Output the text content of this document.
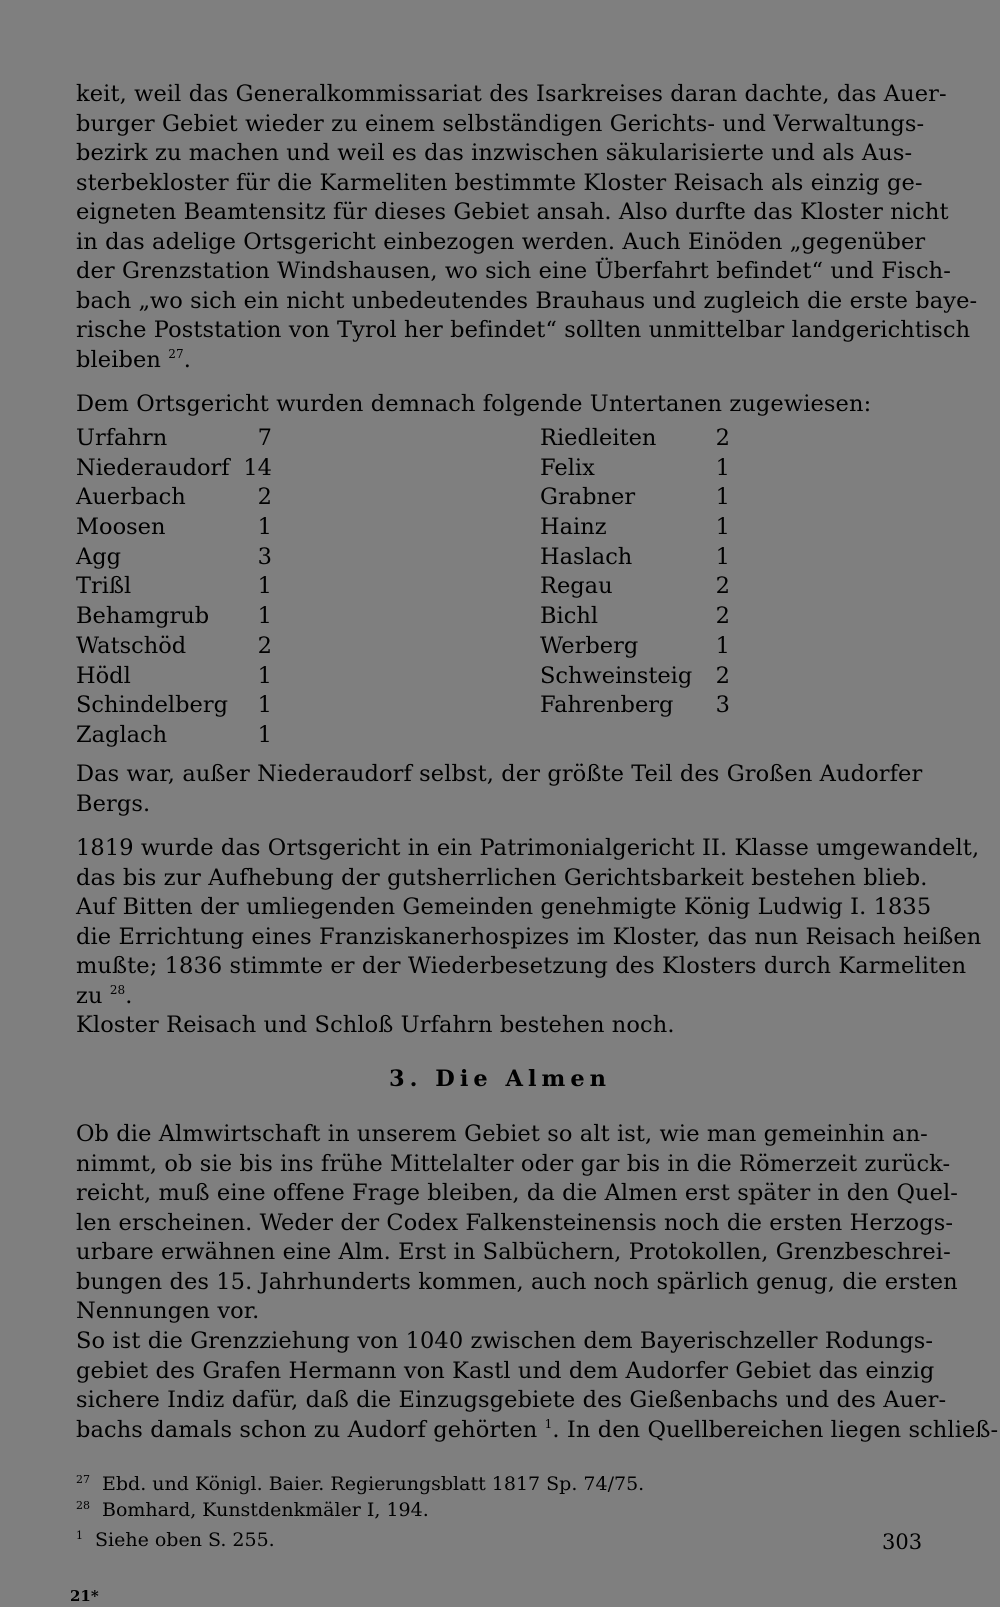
keit, weil das Generalkommissariat des Isarkreises daran dachte, das Auer-
burger Gebiet wieder zu einem selbständigen Gerichts- und Verwaltungs-
bezirk zu machen und weil es das inzwischen säkularisierte und als Aus-
sterbekloster für die Karmeliten bestimmte Kloster Reisach als einzig ge-
eigneten Beamtensitz für dieses Gebiet ansah. Also durfte das Kloster nicht
in das adelige Ortsgericht einbezogen werden. Auch Einöden „gegenüber
der Grenzstation Windshausen, wo sich eine Überfahrt befindet“ und Fisch-
bach „wo sich ein nicht unbedeutendes Brauhaus und zugleich die erste baye-
rische Poststation von Tyrol her befindet“ sollten unmittelbar landgerichtisch
bleiben $^{27}$.
Dem Ortsgericht wurden demnach folgende Untertanen zugewiesen:
Urfahrn	7
Niederaudorf 14
Auerbach	2
Moosen	1
Agg	3
Trißl	1
Behamgrub	1
Watschöd	2
Hödl	1
Schindelberg	1
Zaglach	1
Riedleiten	2
Felix	1
Grabner	1
Hainz	1
Haslach	1
Regau	2
Bichl	2
Werberg	1
Schweinsteig	2
Fahrenberg	3
Das war, außer Niederaudorf selbst, der größte Teil des Großen Audorfer
Bergs.
1819 wurde das Ortsgericht in ein Patrimonialgericht II. Klasse umgewandelt,
das bis zur Aufhebung der gutsherrlichen Gerichtsbarkeit bestehen blieb.
Auf Bitten der umliegenden Gemeinden genehmigte König Ludwig I. 1835
die Errichtung eines Franziskanerhospizes im Kloster, das nun Reisach heißen
mußte; 1836 stimmte er der Wiederbesetzung des Klosters durch Karmeliten
zu $^{28}$.
Kloster Reisach und Schloß Urfahrn bestehen noch.
3. Die Almen
Ob die Almwirtschaft in unserem Gebiet so alt ist, wie man gemeinhin an-
nimmt, ob sie bis ins frühe Mittelalter oder gar bis in die Römerzeit zurück-
reicht, muß eine offene Frage bleiben, da die Almen erst später in den Quel-
len erscheinen. Weder der Codex Falkensteinensis noch die ersten Herzogs-
urbare erwähnen eine Alm. Erst in Salbüchern, Protokollen, Grenzbeschrei-
bungen des 15. Jahrhunderts kommen, auch noch spärlich genug, die ersten
Nennungen vor.
So ist die Grenzziehung von 1040 zwischen dem Bayerischzeller Rodungs-
gebiet des Grafen Hermann von Kastl und dem Audorfer Gebiet das einzig
sichere Indiz dafür, daß die Einzugsgebiete des Gießenbachs und des Auer-
bachs damals schon zu Audorf gehörten $^1$. In den Quellbereichen liegen schließ-
$^{27}$ Ebd. und Königl. Baier. Regierungsblatt 1817 Sp. 74/75.
$^{28}$ Bomhard, Kunstdenkmäler I, 194.
$^1$ Siehe oben S. 255.	303
21*
